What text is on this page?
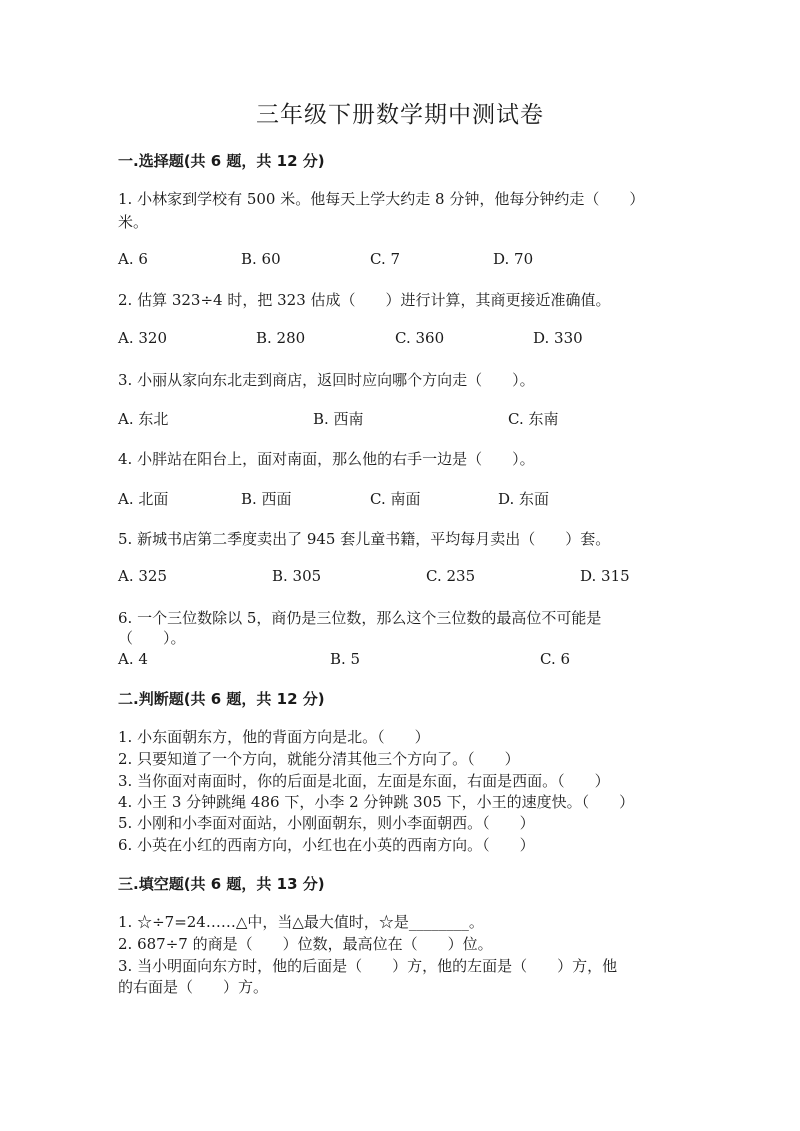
三年级下册数学期中测试卷
一.选择题(共 6 题，共 12 分)

1. 小林家到学校有 500 米。他每天上学大约走 8 分钟，他每分钟约走（　　）

米。

A. 6	B. 60	C. 7	D. 70

2. 估算 323÷4 时，把 323 估成（　　）进行计算，其商更接近准确值。

A. 320	B. 280	C. 360	D. 330

3. 小丽从家向东北走到商店，返回时应向哪个方向走（　　）。

A. 东北	B. 西南	C. 东南

4. 小胖站在阳台上，面对南面，那么他的右手一边是（　　）。

A. 北面	B. 西面	C. 南面	D. 东面

5. 新城书店第二季度卖出了 945 套儿童书籍，平均每月卖出（　　）套。

A. 325	B. 305	C. 235	D. 315

6. 一个三位数除以 5，商仍是三位数，那么这个三位数的最高位不可能是

（　　）。

A. 4	B. 5	C. 6
二.判断题(共 6 题，共 12 分)

1. 小东面朝东方，他的背面方向是北。（　　）

2. 只要知道了一个方向，就能分清其他三个方向了。（　　）

3. 当你面对南面时，你的后面是北面，左面是东面，右面是西面。（　　）

4. 小王 3 分钟跳绳 486 下，小李 2 分钟跳 305 下，小王的速度快。（　　）

5. 小刚和小李面对面站，小刚面朝东，则小李面朝西。（　　）

6. 小英在小红的西南方向，小红也在小英的西南方向。（　　）

三.填空题(共 6 题，共 13 分)

1. ☆÷7=24……△中，当△最大值时，☆是________。

2. 687÷7 的商是（　　）位数，最高位在（　　）位。

3. 当小明面向东方时，他的后面是（　　）方，他的左面是（　　）方，他

的右面是（　　）方。
